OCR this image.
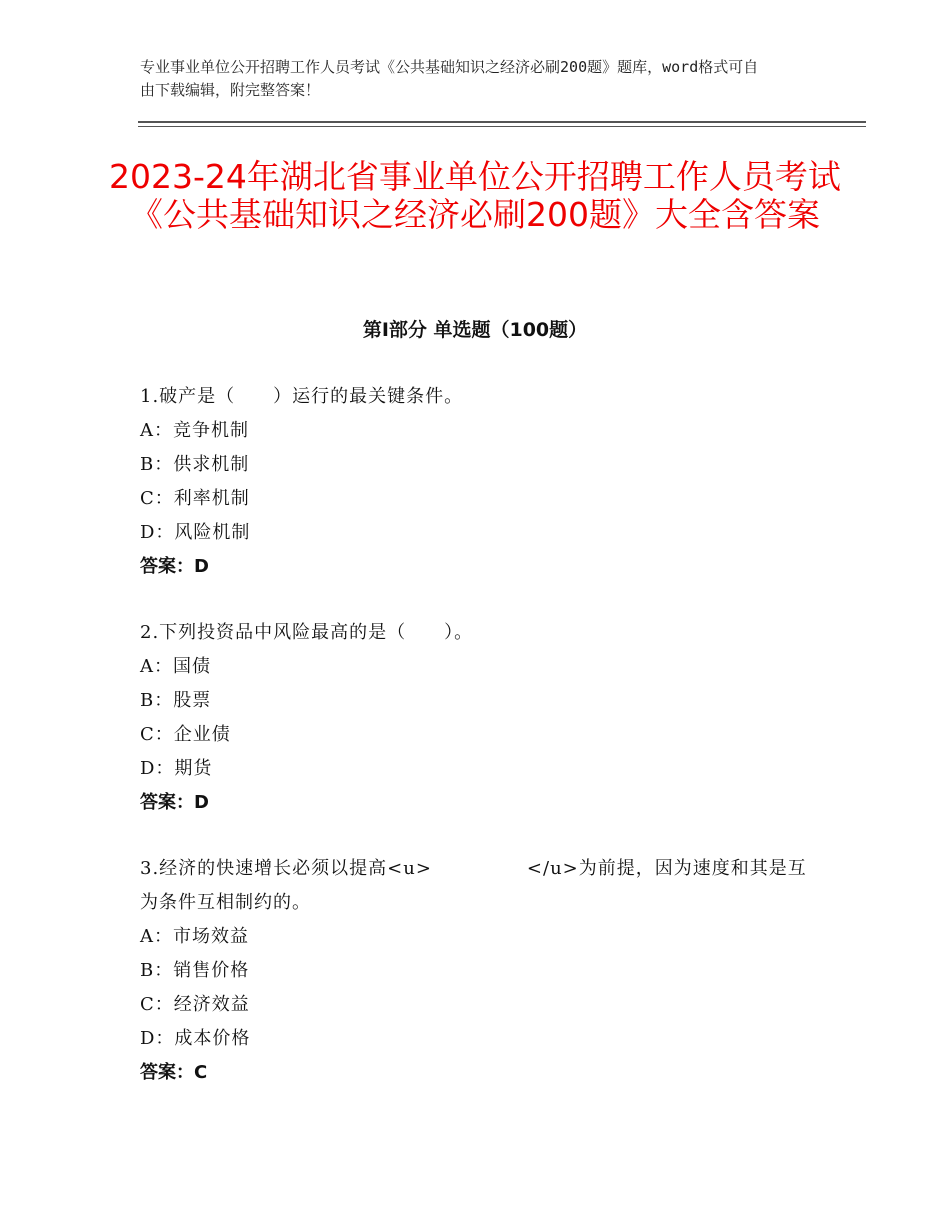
专业事业单位公开招聘工作人员考试《公共基础知识之经济必刷200题》题库，word格式可自由下载编辑，附完整答案！
2023-24年湖北省事业单位公开招聘工作人员考试《公共基础知识之经济必刷200题》大全含答案
第Ⅰ部分 单选题（100题）
1.破产是（　　）运行的最关键条件。
A：竞争机制
B：供求机制
C：利率机制
D：风险机制
答案：D
2.下列投资品中风险最高的是（　　）。
A：国债
B：股票
C：企业债
D：期货
答案：D
3.经济的快速增长必须以提高<u>　　　　　</u>为前提，因为速度和其是互为条件互相制约的。
A：市场效益
B：销售价格
C：经济效益
D：成本价格
答案：C
